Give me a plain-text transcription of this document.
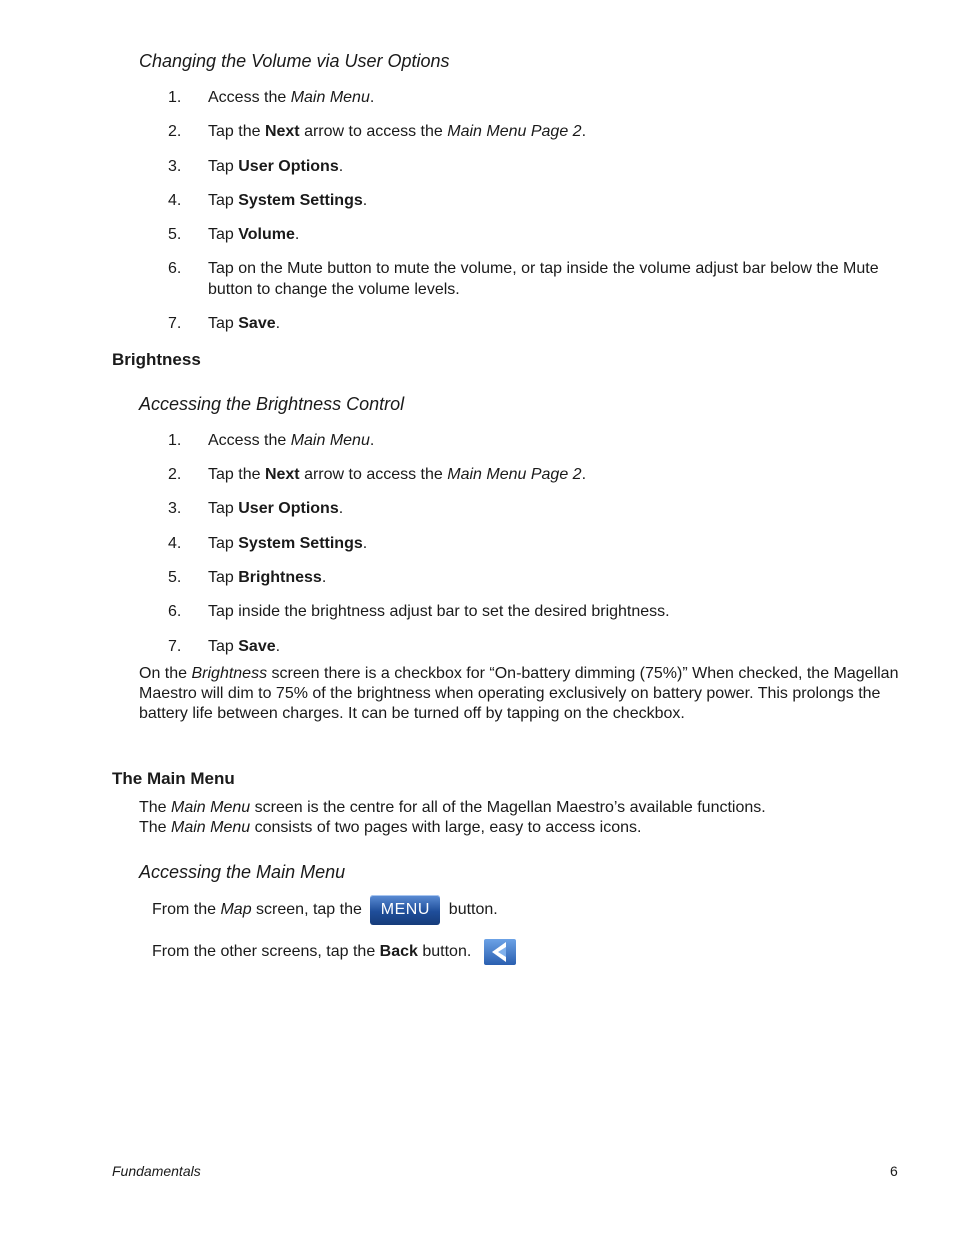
Changing the Volume via User Options
1.	Access the Main Menu.
2.	Tap the Next arrow to access the Main Menu Page 2.
3.	Tap User Options.
4.	Tap System Settings.
5.	Tap Volume.
6.	Tap on the Mute button to mute the volume, or tap inside the volume adjust bar below the Mute button to change the volume levels.
7.	Tap Save.
Brightness
Accessing the Brightness Control
1.	Access the Main Menu.
2.	Tap the Next arrow to access the Main Menu Page 2.
3.	Tap User Options.
4.	Tap System Settings.
5.	Tap Brightness.
6.	Tap inside the brightness adjust bar to set the desired brightness.
7.	Tap Save.
On the Brightness screen there is a checkbox for “On-battery dimming (75%)” When checked, the Magellan Maestro will dim to 75% of the brightness when operating exclusively on battery power. This prolongs the battery life between charges. It can be turned off by tapping on the checkbox.
The Main Menu
The Main Menu screen is the centre for all of the Magellan Maestro’s available functions.
The Main Menu consists of two pages with large, easy to access icons.
Accessing the Main Menu
From the Map screen, tap the MENU button.
From the other screens, tap the Back button.
Fundamentals	6
